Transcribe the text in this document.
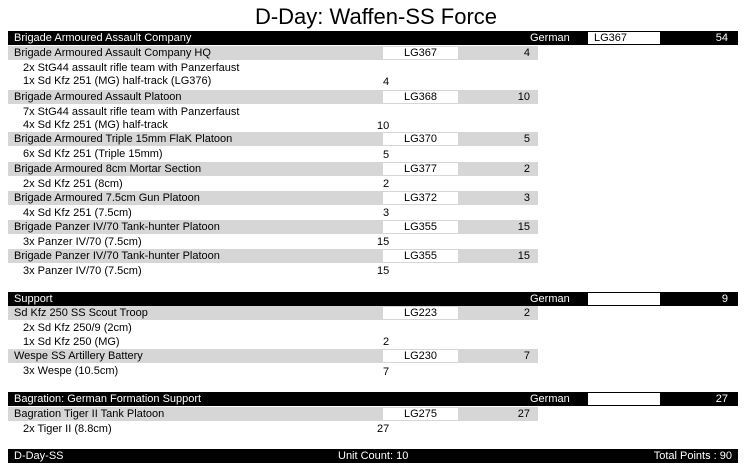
D-Day: Waffen-SS Force
Brigade Armoured Assault Company	German	LG367	54
Brigade Armoured Assault Company HQ	LG367	4
2x StG44 assault rifle team with Panzerfaust
1x Sd Kfz 251 (MG) half-track (LG376)	4
Brigade Armoured Assault Platoon	LG368	10
7x StG44 assault rifle team with Panzerfaust
4x Sd Kfz 251 (MG) half-track	10
Brigade Armoured Triple 15mm FlaK Platoon	LG370	5
6x Sd Kfz 251 (Triple 15mm)	5
Brigade Armoured 8cm Mortar Section	LG377	2
2x Sd Kfz 251 (8cm)	2
Brigade Armoured 7.5cm Gun Platoon	LG372	3
4x Sd Kfz 251 (7.5cm)	3
Brigade Panzer IV/70 Tank-hunter Platoon	LG355	15
3x Panzer IV/70 (7.5cm)	15
Brigade Panzer IV/70 Tank-hunter Platoon	LG355	15
3x Panzer IV/70 (7.5cm)	15
Support	German	9
Sd Kfz 250 SS Scout Troop	LG223	2
2x Sd Kfz 250/9 (2cm)
1x Sd Kfz 250 (MG)	2
Wespe SS Artillery Battery	LG230	7
3x Wespe (10.5cm)	7
Bagration: German Formation Support	German	27
Bagration Tiger II Tank Platoon	LG275	27
2x Tiger II (8.8cm)	27
D-Day-SS	Unit Count: 10	Total Points : 90
